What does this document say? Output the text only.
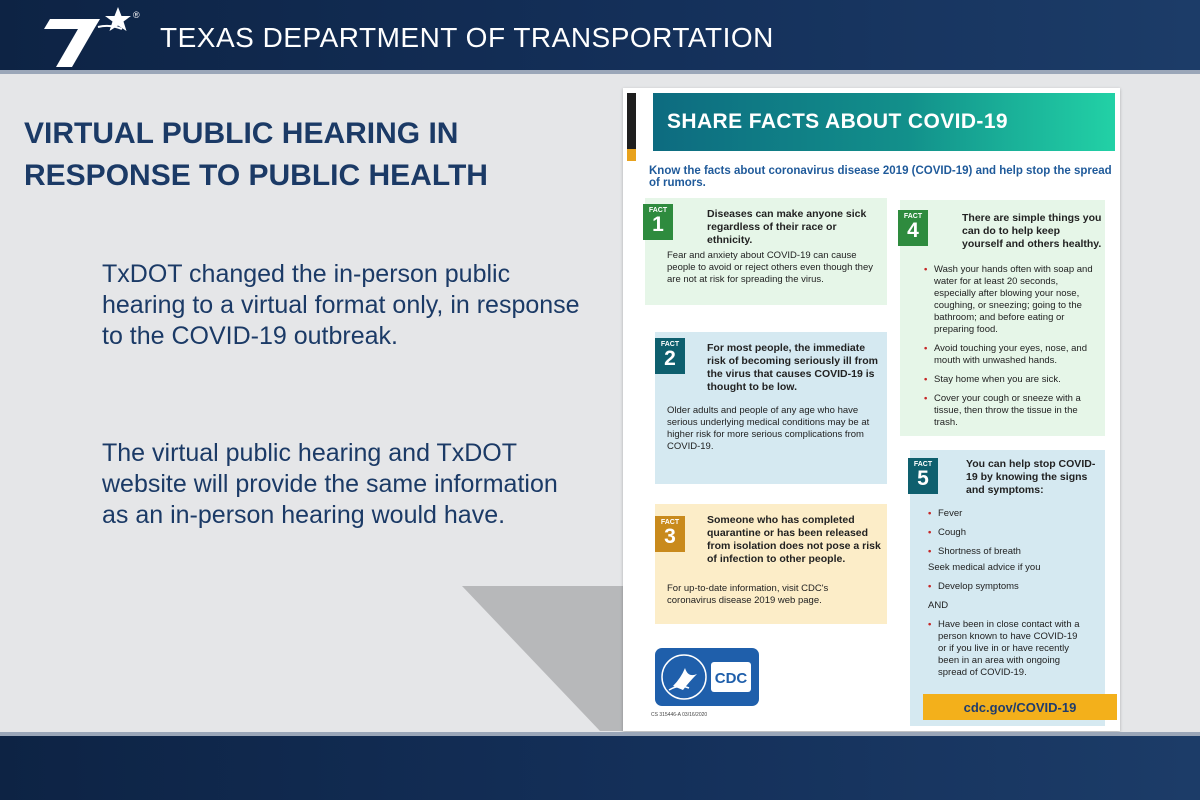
®
TEXAS DEPARTMENT OF TRANSPORTATION
VIRTUAL PUBLIC HEARING IN RESPONSE TO PUBLIC HEALTH
TxDOT changed the in-person public hearing to a virtual format only, in response to the COVID-19 outbreak.
The virtual public hearing and TxDOT website will provide the same information as an in-person hearing would have.
SHARE FACTS ABOUT COVID-19
Know the facts about coronavirus disease 2019 (COVID-19) and help stop the spread of rumors.
FACT
1	Diseases can make anyone sick regardless of their race or ethnicity.
Fear and anxiety about COVID-19 can cause people to avoid or reject others even though they are not at risk for spreading the virus.
FACT
2	For most people, the immediate risk of becoming seriously ill from the virus that causes COVID-19 is thought to be low.
Older adults and people of any age who have serious underlying medical conditions may be at higher risk for more serious complications from COVID-19.
FACT
3
Someone who has completed quarantine or has been released from isolation does not pose a risk of infection to other people.
For up-to-date information, visit CDC's coronavirus disease 2019 web page.
FACT
4
There are simple things you can do to help keep yourself and others healthy.
• Wash your hands often with soap and water for at least 20 seconds, especially after blowing your nose, coughing, or sneezing; going to the bathroom; and before eating or preparing food.
• Avoid touching your eyes, nose, and mouth with unwashed hands.
• Stay home when you are sick.
• Cover your cough or sneeze with a tissue, then throw the tissue in the trash.
FACT
5
You can help stop COVID-19 by knowing the signs and symptoms:
• Fever
• Cough
• Shortness of breath
Seek medical advice if you
• Develop symptoms
AND
• Have been in close contact with a person known to have COVID-19 or if you live in or have recently been in an area with ongoing spread of COVID-19.
CDC
CS 315446-A 03/16/2020	cdc.gov/COVID-19
